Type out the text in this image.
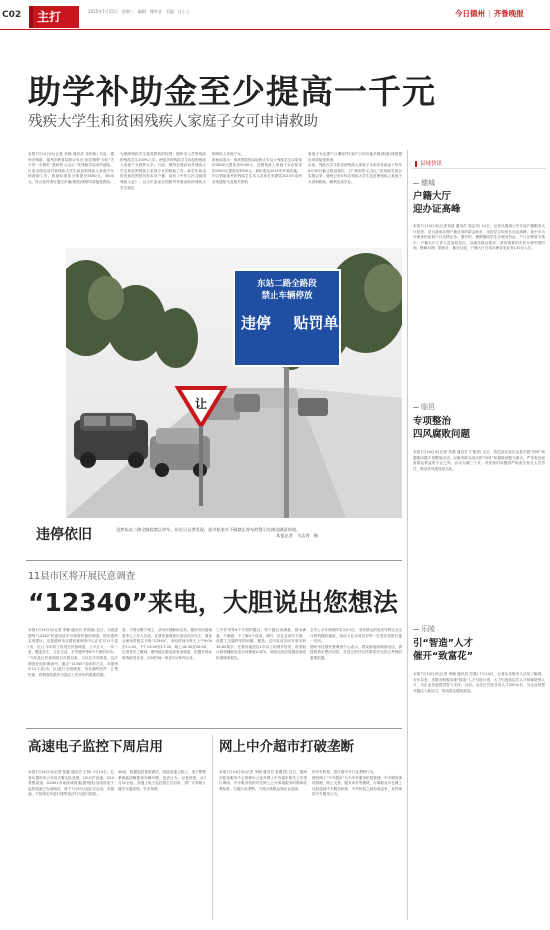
C02	主打	2015年7月15日　星期三　编辑：傅华芝　美编：仕土土	今日德州 | 齐鲁晚报
助学补助金至少提高一千元
残疾大学生和贫困残疾人家庭子女可申请救助
本报7月14日讯(记者 李楠 通讯员 朱相如) 日前，德州市残联、德州市教育局联合举办“助学圆梦·为你”关于进一步做好“我和你·心连心”扶残助学活动的通知。日前全面启动对我残疾大学生和贫困残疾人家庭子女的救助工作，救助标准将分别提至5000元、3000元，符合条件者可通过乡镇(街道)残联申请接受资助。
为保障残疾学生接受教育的权利，德州市人员等残疾的残疾学生100%入学，使更多的残疾学生和贫困残疾人家庭子女圆梦大学。日前，德州全面启动对残疾大学生和贫困残疾人家庭子女的救助工作。新学年助金的发放范围是具有本市户籍，持有《中华人民共和国残疾人证》，且当年参加全国统考并被录取的残疾大学生和贫
困残疾人家庭子女。
救助标准为：被高等院校录取的大专以上残疾学生由原来的3000元提高至5000元；贫困残疾人家庭子女由原来的2000元提高至3000元，新标准从2015年开始实施。
符合资助条件的残疾学生本人或家长务需凭2015年高考录取通知书及相关资料
家庭子女还需户口簿原件1到户口所在地乡镇(街道)残联提出申请接受审查。
目前，残疾大学生和贫困残疾人家庭子女助学补助金于每年8月30日截止报送到位，日“我和你·心连心”扶残助学项目实施以来，德州已有570名残疾大学生及贫困残疾人家庭子女得到救助，顺利完成学业。
东站二路全路段
禁止车辆停放
违停 贴罚单
让
违停依旧	虽然东站二路全路段禁止停车，但近日记者发现，很多私家车不顾禁止停车的警示在路边随意停放。
本报记者　马志秀　摄
11县市区将开展民意调查
“12340”来电，大胆说出您想法
本报7月14日讯(记者 李楠 通讯员 李英刚) 近日，为推进德州“12340”民意电话平台调查民意的调查，提出您的宝贵建议。这是德州市社情民意调查中心正在对11个县(市、区)上半年的工作进行民意调查，公平正义，一年一度，覆盖民生、文化生活、平安德州等6个方面的评价。
“今年县区民意调查自开展以来，与以往不同的是，这次调查在组织调查中，通过“12340”电话的方式，对德州市11个县(市、区)进行全面调查，旨在倾听民声、汇集民意，将调查结果作为县区工作评价的重要依据。
查，不再仅限于城上，请市民理解和支持。德州市民意调查中心工作人员说，社情民意调查以电话访问为主，调查会使用带固定号码“12340”，来电时间为每天上午9:00至11:30，下午13:00至17:30，晚上18:30至20:00。
记者采访了解到，德州地区都选择电话调查，依据多项标准选取受访者，访问时间一般在5分钟内完成。
工作作风等6个方面的题目，每个题目设满意、基本满意、不满意、不了解4个选项。同时，在社会治安方面，设置了交通秩序的问题。据悉，这次电话访问对象年龄18-65周岁，在被访地居住1年以上的城乡居民，将采取计算机辅助电话访问系统(CATI)，调查完成后将据此形成民意调查报告。
全市上半年调查样本为2.5万，受访群众的电话号码完全由计算机随机抽取，将由专业访问员对每一位受访者进行逐一访问。
德州市社情民意调查中心表示，群众如接到调查电话，请按照真实想法回答。对县区的评价结果将作为综合考核的重要依据。
高速电子监控下周启用
本报7月14日讯(记者 张磊 通讯员 王帅) 7月14日，记者从德州市公安局交警支队获悉，G2京沪高速、G20青银高速、G2001济南绕城高速(德州段)沿线的电子监控设备已完成调试，将于7月20日起正式启用，对超速、不按规定车道行驶等违法行为进行抓拍。
48处，根据监控系统测试，国道高速公路上，电子警察系统能清晰抓拍车辆号牌、违法行为，记者获悉，从7月20日起，高速上电子监控将正式启用，望广大驾驶人遵守交通规则，安全驾驶。
网上中介超市打破垄断
本报7月14日讯(记者 李楠 通讯员 梁增君) 近日，德州市政务服务中心管理办公室对网上中介超市相关工作进行调研，中介服务机构可在网上公开承诺服务时限和收费标准，打破行业垄断，方便办事群众和企业选择。
的中介机构，将打破中介行业垄断行为。
德州网上“中介超市”分为中介服务机构管理、中介服务事项管理、网上交易、服务评价等模块，办事群众可在网上比较选择中介服务机构，中介机构之间形成竞争，有效规范中介服务行为。
县域快讯
德城
户籍大厅
迎办证高峰
本报7月14日讯(记者刘清 通讯员 郭志民) 14日，记者从德城公安分局户籍服务大厅获悉，近日前来办理户籍业务的群众较多，出现学生和家长办证高峰，其中多为办理身份证和户口迁移业务。据介绍，暑假期间学生办理身份证、户口迁移较为集中，户籍大厅工作人员加班加点，以满足群众需求，请有需要的市民合理安排时间，错峰办理。据统计，截至目前，户籍大厅日均办理各类业务130余人次。
临邑
专项整治
四风腐败问题
本报7月14日讯(记者 刘磊 通讯员 宁艳青) 近日，临邑县纪委在全县开展“四风”和腐败问题专项整治活动，以解决群众身边的“四风”和腐败问题为重点，严肃查处侵害群众利益的不正之风。活动为期三个月，对发现的问题将严格追究相关人员责任，推动作风建设常态化。
乐陵
引“智造”人才
催开“致富花”
本报7月14日讯(记者 李楠 通讯员 史磊) 7月14日，记者从乐陵市人社局了解到，今年以来，乐陵市积极实施“智造”人才引进计划，大力引进高层次人才和紧缺型人才，为企业发展提供智力支持。目前，全市已引进各类人才200余名，为企业转型升级注入新活力，带动群众增收致富。
